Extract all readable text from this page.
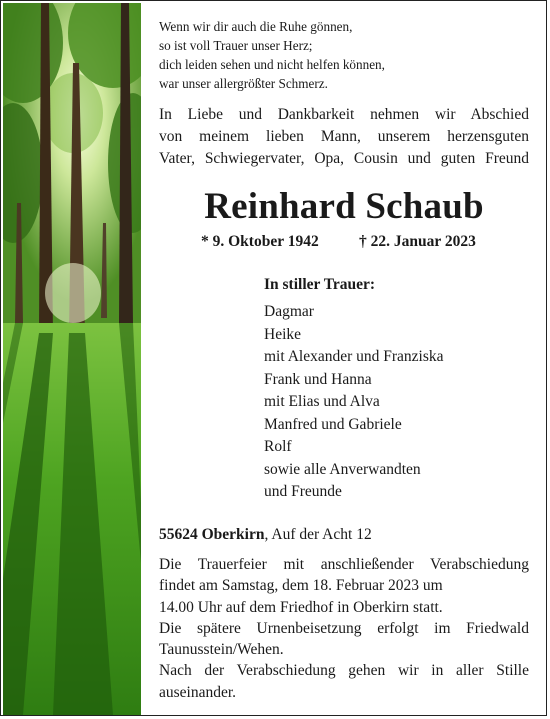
Wenn wir dir auch die Ruhe gönnen,
so ist voll Trauer unser Herz;
dich leiden sehen und nicht helfen können,
war unser allergrößter Schmerz.
In Liebe und Dankbarkeit nehmen wir Abschied
von meinem lieben Mann, unserem herzensguten
Vater, Schwiegervater, Opa, Cousin und guten Freund
Reinhard Schaub
* 9. Oktober 1942	† 22. Januar 2023
In stiller Trauer:
Dagmar
Heike
mit Alexander und Franziska
Frank und Hanna
mit Elias und Alva
Manfred und Gabriele
Rolf
sowie alle Anverwandten
und Freunde
55624 Oberkirn, Auf der Acht 12
Die Trauerfeier mit anschließender Verabschiedung
findet am Samstag, dem 18. Februar 2023 um
14.00 Uhr auf dem Friedhof in Oberkirn statt.
Die spätere Urnenbeisetzung erfolgt im Friedwald
Taunusstein/Wehen.
Nach der Verabschiedung gehen wir in aller Stille
auseinander.
